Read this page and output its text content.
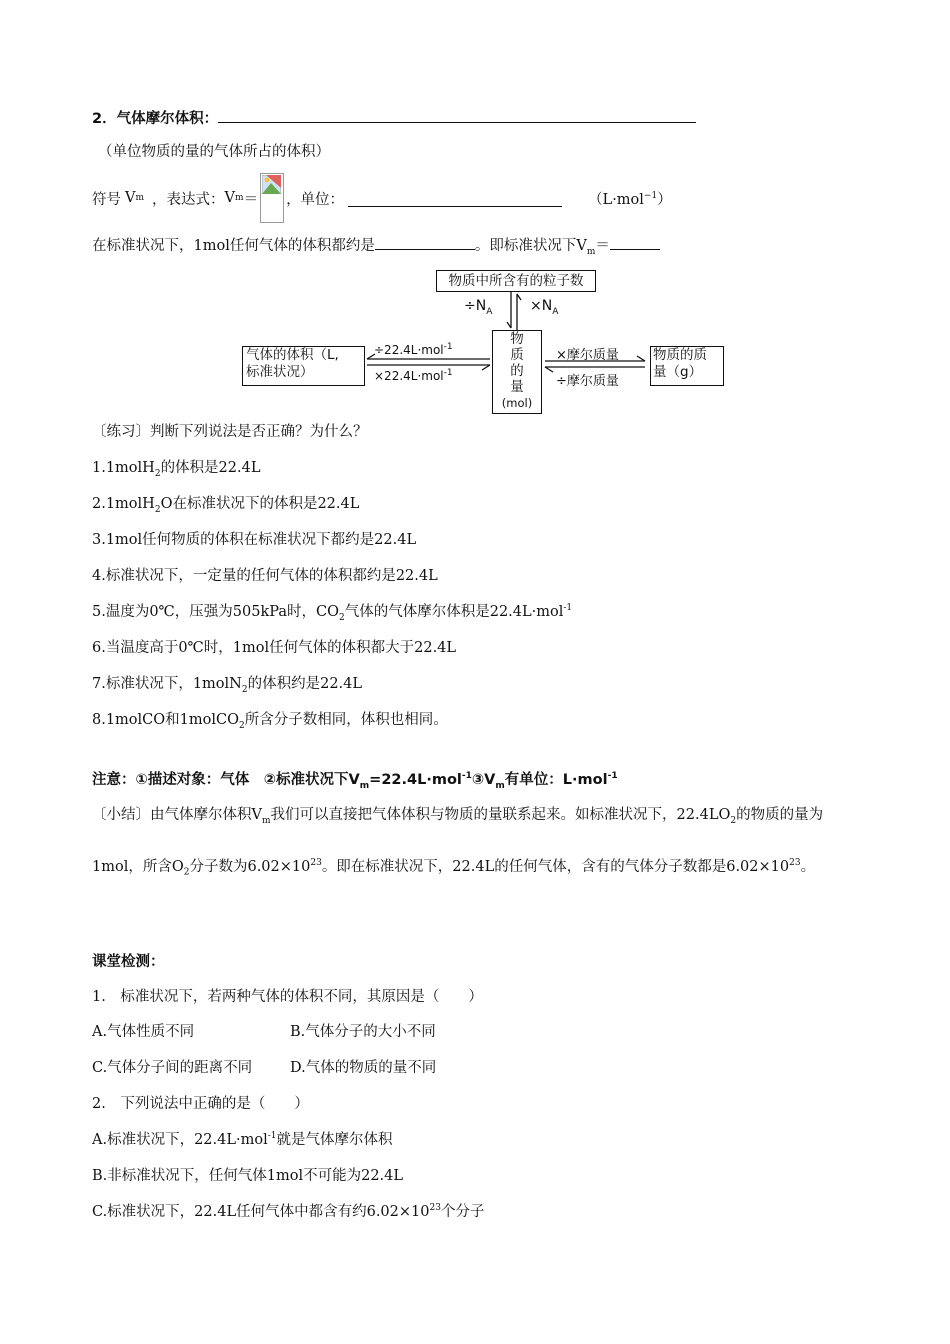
2．气体摩尔体积：
（单位物质的量的气体所占的体积）
符号 V m ，表达式： V m ＝ ，单位：	（L·mol$^{-1}$）
在标准状况下，1mol任何气体的体积都约是	。即标准状况下$V_m=$
物质中所含有的粒子数
$\div N_A$	$\times N_A$
气体的体积（L,
标准状况）
÷22.4L·mol$^{-1}$
×22.4L·mol$^{-1}$
物
质
的
量
(mol)
×摩尔质量
÷摩尔质量
物质的质
量（g）
〔练习〕判断下列说法是否正确？为什么？
1.1molH$_2$的体积是22.4L
2.1molH$_2$O在标准状况下的体积是22.4L
3.1mol任何物质的体积在标准状况下都约是22.4L
4.标准状况下，一定量的任何气体的体积都约是22.4L
5.温度为0℃，压强为505kPa时，$CO_2$气体的气体摩尔体积是22.4L·mol$^{-1}$
6.当温度高于0℃时，1mol任何气体的体积都大于22.4L
7.标准状况下，1molN$_2$的体积约是22.4L
8.1molCO和1molCO$_2$所含分子数相同，体积也相同。
注意：①描述对象：气体　②标准状况下$V_m=22.4L\cdot mol^{-1}③V_m$有单位：L·mol$^{-1}$
〔小结〕由气体摩尔体积$V_m$我们可以直接把气体体积与物质的量联系起来。如标准状况下，$22.4LO_2$的物质的量为1mol，所含$O_2$分子数为$6.02\times 10^{23}$。即在标准状况下，22.4L的任何气体，含有的气体分子数都是$6.02\times 10^{23}$。
课堂检测：
1.　标准状况下，若两种气体的体积不同，其原因是（　　）
A.气体性质不同	B.气体分子的大小不同
C.气体分子间的距离不同	D.气体的物质的量不同
2.　下列说法中正确的是（　　）
A.标准状况下，22.4L·mol$^{-1}$就是气体摩尔体积
B.非标准状况下，任何气体1mol不可能为22.4L
C.标准状况下，22.4L任何气体中都含有约$6.02\times 10^{23}$个分子
